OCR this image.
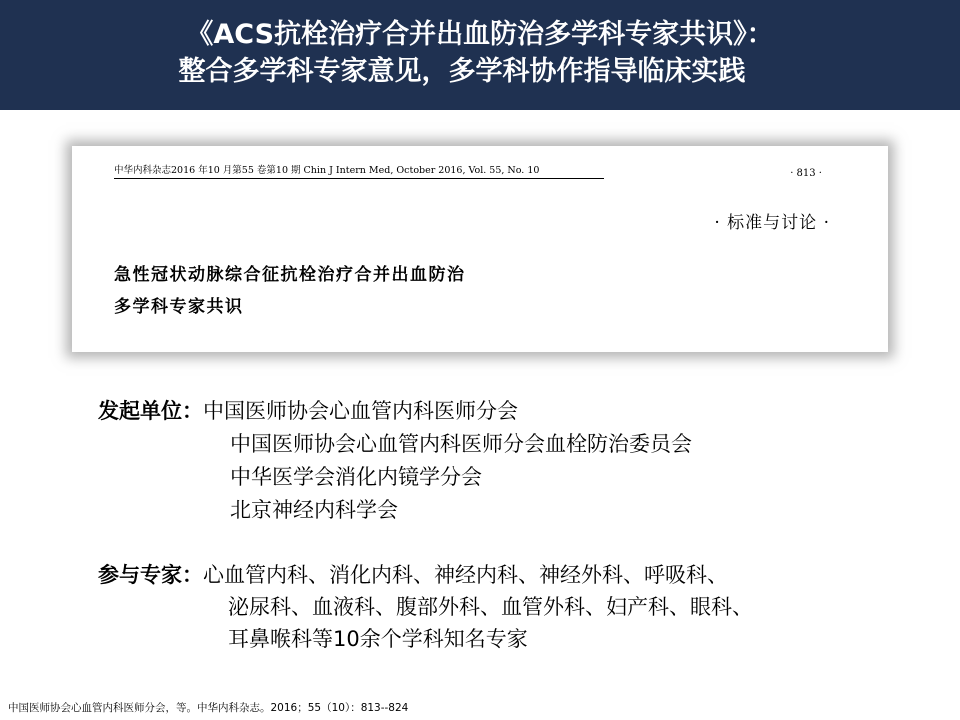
《ACS抗栓治疗合并出血防治多学科专家共识》：
整合多学科专家意见，多学科协作指导临床实践
中华内科杂志2016 年10 月第55 卷第10 期 Chin J Intern Med, October 2016, Vol. 55, No. 10	· 813 ·
· 标准与讨论 ·
急性冠状动脉综合征抗栓治疗合并出血防治
多学科专家共识
发起单位：中国医师协会心血管内科医师分会
中国医师协会心血管内科医师分会血栓防治委员会
中华医学会消化内镜学分会
北京神经内科学会
参与专家：心血管内科、消化内科、神经内科、神经外科、呼吸科、
泌尿科、血液科、腹部外科、血管外科、妇产科、眼科、
耳鼻喉科等10余个学科知名专家
中国医师协会心血管内科医师分会，等。中华内科杂志。2016；55（10）：813--824
